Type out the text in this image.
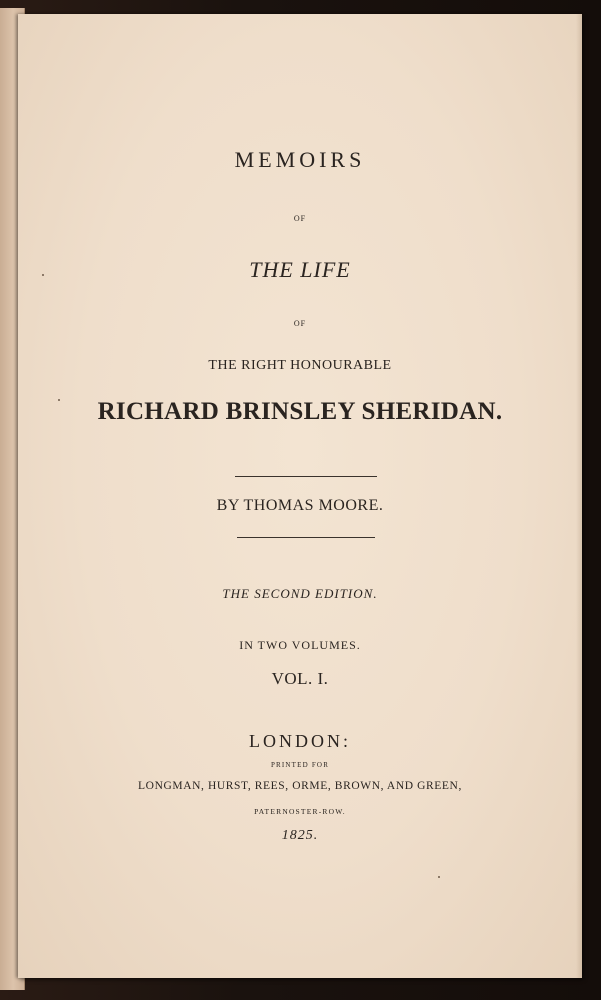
MEMOIRS
OF
THE LIFE
OF
THE RIGHT HONOURABLE
RICHARD BRINSLEY SHERIDAN.
BY THOMAS MOORE.
THE SECOND EDITION.
IN TWO VOLUMES.
VOL. I.
LONDON:
PRINTED FOR
LONGMAN, HURST, REES, ORME, BROWN, AND GREEN,
PATERNOSTER-ROW.
1825.
